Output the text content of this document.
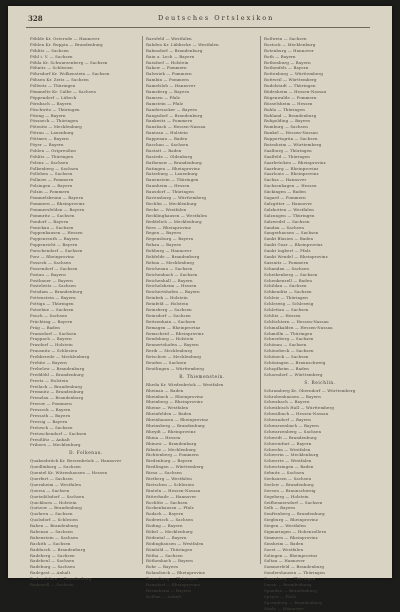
328	Deutsches Ortslexikon
Pöhlde Kr. Osterode — Hannover
Pöhlen Kr. Ruppin — Brandenburg
Pöhlitz — Sachsen
Pöhl i. V. — Sachsen
Pöhla Kr. Schwarzenberg — Sachsen
Pöhnitz — Schlesien
Pöhrsdorf Kr. Wolkenstein — Sachsen
Pöhsen Kr. Zeitz — Sachsen
Pöllwitz — Thüringen
Pömmelte Kr. Calbe — Sachsen
Pöppendorf — Lübeck
Pörnbach — Bayern
Pöschwitz — Thüringen
Pösing — Bayern
Pössneck — Thüringen
Pötenitz — Mecklenburg
Pötrau — Lauenburg
Pöttmes — Bayern
Pöyer — Bayern
Pohlen — Ostpreußen
Pohlitz — Thüringen
Polenz — Sachsen
Polkenberg — Sachsen
Polleben — Sachsen
Pollnow — Pommern
Polsingen — Bayern
Polzin — Pommern
Pommelsbrunn — Bayern
Pommern — Rheinprovinz
Pommersfelden — Bayern
Pommritz — Sachsen
Pondorf — Bayern
Ponickau — Sachsen
Poppenhausen — Hessen
Poppenreuth — Bayern
Poppenricht — Bayern
Porschendorf — Sachsen
Porz — Rheinprovinz
Posseck — Sachsen
Possendorf — Sachsen
Postau — Bayern
Postbauer — Bayern
Postelwitz — Sachsen
Potsdam — Brandenburg
Pottenstein — Bayern
Pottiga — Thüringen
Potzehne — Sachsen
Pouch — Sachsen
Prächting — Bayern
Präg — Baden
Pramsdorf — Sachsen
Prappach — Bayern
Prasdorf — Holstein
Prausnitz — Schlesien
Prebberede — Mecklenburg
Prebitz — Bayern
Prebelow — Brandenburg
Preddöhl — Brandenburg
Preetz — Holstein
Preilack — Brandenburg
Premnitz — Brandenburg
Prenzlau — Brandenburg
Prerow — Pommern
Presseck — Bayern
Pressath — Bayern
Pressig — Bayern
Pretzsch — Sachsen
Pretzschendorf — Sachsen
Preußlitz — Anhalt
Priborn — Mecklenburg
D. Folkenau.
Quakenbrück Kr. Bersenbrück — Hannover
Quedlinburg — Sachsen
Quentel Kr. Witzenhausen — Hessen
Querfurt — Sachsen
Quernheim — Westfalen
Quersa — Sachsen
Quetzdölsdorf — Sachsen
Quickborn — Holstein
Quitzow — Brandenburg
Quohren — Sachsen
Quolsdorf — Schlesien
Raben — Brandenburg
Rabenau — Sachsen
Rabenstein — Sachsen
Rackith — Sachsen
Raddusch — Brandenburg
Radeberg — Sachsen
Radebeul — Sachsen
Radeburg — Sachsen
Radegast — Anhalt
Radensleben — Brandenburg
Radewell — Sachsen
Raesfeld — Westfalen
Rahden Kr. Lübbecke — Westfalen
Rahnsdorf — Brandenburg
Rain a. Lech — Bayern
Raisdorf — Holstein
Rakow — Pommern
Ralswiek — Pommern
Rambin — Pommern
Ramelsloh — Hannover
Ramsberg — Bayern
Ramsen — Pfalz
Ramstein — Pfalz
Randersacker — Bayern
Rangsdorf — Brandenburg
Rankwitz — Pommern
Ransbach — Hessen-Nassau
Rantzau — Holstein
Rappenau — Baden
Raschau — Sachsen
Rastatt — Baden
Rastede — Oldenburg
Rathenow — Brandenburg
Ratingen — Rheinprovinz
Ratzeburg — Lauenburg
Rauenstein — Thüringen
Raunheim — Hessen
Rausdorf — Thüringen
Ravensburg — Württemberg
Rechlin — Mecklenburg
Recke — Westfalen
Recklinghausen — Westfalen
Reddelich — Mecklenburg
Rees — Rheinprovinz
Regen — Bayern
Regensburg — Bayern
Rehau — Bayern
Rehburg — Hannover
Rehfelde — Brandenburg
Rehna — Mecklenburg
Reichenau — Sachsen
Reichenbach — Sachsen
Reichenhall — Bayern
Reichelsheim — Hessen
Reichertshofen — Bayern
Reinbek — Holstein
Reinfeld — Holstein
Reinsberg — Sachsen
Reinsdorf — Sachsen
Reitzenhain — Sachsen
Remagen — Rheinprovinz
Remscheid — Rheinprovinz
Rendsburg — Holstein
Rennertshofen — Bayern
Rerik — Mecklenburg
Retschow — Mecklenburg
Reuden — Sachsen
Reutlingen — Württemberg
R. Thiemenstein.
Rheda Kr. Wiedenbrück — Westfalen
Rheinau — Baden
Rheinbach — Rheinprovinz
Rheinberg — Rheinprovinz
Rheine — Westfalen
Rheinfelden — Baden
Rheinhausen — Rheinprovinz
Rheinsberg — Brandenburg
Rheydt — Rheinprovinz
Rhina — Hessen
Rhinow — Brandenburg
Ribnitz — Mecklenburg
Richtenberg — Pommern
Riedenburg — Bayern
Riedlingen — Württemberg
Riesa — Sachsen
Rietberg — Westfalen
Rietschen — Schlesien
Rinteln — Hessen-Nassau
Ritterhude — Hannover
Rochlitz — Sachsen
Rockenhausen — Pfalz
Rodach — Bayern
Rodewisch — Sachsen
Roding — Bayern
Röbel — Mecklenburg
Rödental — Bayern
Rödinghausen — Westfalen
Römhild — Thüringen
Rötha — Sachsen
Röthenbach — Bayern
Rohr — Bayern
Rolandseck — Rheinprovinz
Ronneburg — Thüringen
Ronsdorf — Rheinprovinz
Rosenheim — Bayern
Roßlau — Anhalt
Roßwein — Sachsen
Rostock — Mecklenburg
Rotenburg — Hannover
Roth — Bayern
Rothenburg — Bayern
Rothenfels — Bayern
Rottenburg — Württemberg
Rottweil — Württemberg
Rudolstadt — Thüringen
Rüdesheim — Hessen-Nassau
Rügenwalde — Pommern
Rüsselsheim — Hessen
Ruhla — Thüringen
Ruhland — Brandenburg
Ruhpolding — Bayern
Rumburg — Sachsen
Runkel — Hessen-Nassau
Ruppertsgrün — Sachsen
Rutesheim — Württemberg
Saalburg — Thüringen
Saalfeld — Thüringen
Saarbrücken — Rheinprovinz
Saarburg — Rheinprovinz
Saarlouis — Rheinprovinz
Sachsa — Hannover
Sachsenhagen — Hessen
Säckingen — Baden
Sagard — Pommern
Salzgitter — Hannover
Salzkotten — Westfalen
Salzungen — Thüringen
Salzwedel — Sachsen
Sandau — Sachsen
Sangerhausen — Sachsen
Sankt Blasien — Baden
Sankt Goar — Rheinprovinz
Sankt Ingbert — Pfalz
Sankt Wendel — Rheinprovinz
Sassnitz — Pommern
Schandau — Sachsen
Scheibenberg — Sachsen
Schenkenzell — Baden
Schildau — Sachsen
Schkeuditz — Sachsen
Schleiz — Thüringen
Schleswig — Schleswig
Schlettau — Sachsen
Schlitz — Hessen
Schlüchtern — Hessen-Nassau
Schmalkalden — Hessen-Nassau
Schmölln — Thüringen
Schneeberg — Sachsen
Schönau — Sachsen
Schönebeck — Sachsen
Schöneck — Sachsen
Schöningen — Braunschweig
Schopfheim — Baden
Schorndorf — Württemberg
S. Reichlin.
Schramberg Kr. Oberndorf — Württemberg
Schrobenhausen — Bayern
Schwabach — Bayern
Schwäbisch Hall — Württemberg
Schwalbach — Hessen-Nassau
Schwandorf — Bayern
Schwarzenbach — Bayern
Schwarzenberg — Sachsen
Schwedt — Brandenburg
Schweinfurt — Bayern
Schwelm — Westfalen
Schwerin — Mecklenburg
Schwerte — Westfalen
Schwetzingen — Baden
Sebnitz — Sachsen
Seehausen — Sachsen
Seelow — Brandenburg
Seesen — Braunschweig
Segeberg — Holstein
Seifhennersdorf — Sachsen
Selb — Bayern
Senftenberg — Brandenburg
Siegburg — Rheinprovinz
Siegen — Westfalen
Sigmaringen — Hohenzollern
Simmern — Rheinprovinz
Sinsheim — Baden
Soest — Westfalen
Solingen — Rheinprovinz
Soltau — Hannover
Sommerfeld — Brandenburg
Sondershausen — Thüringen
Sonneberg — Thüringen
Sorau — Brandenburg
Spandau — Brandenburg
Speyer — Pfalz
Spremberg — Brandenburg
Stade — Hannover
